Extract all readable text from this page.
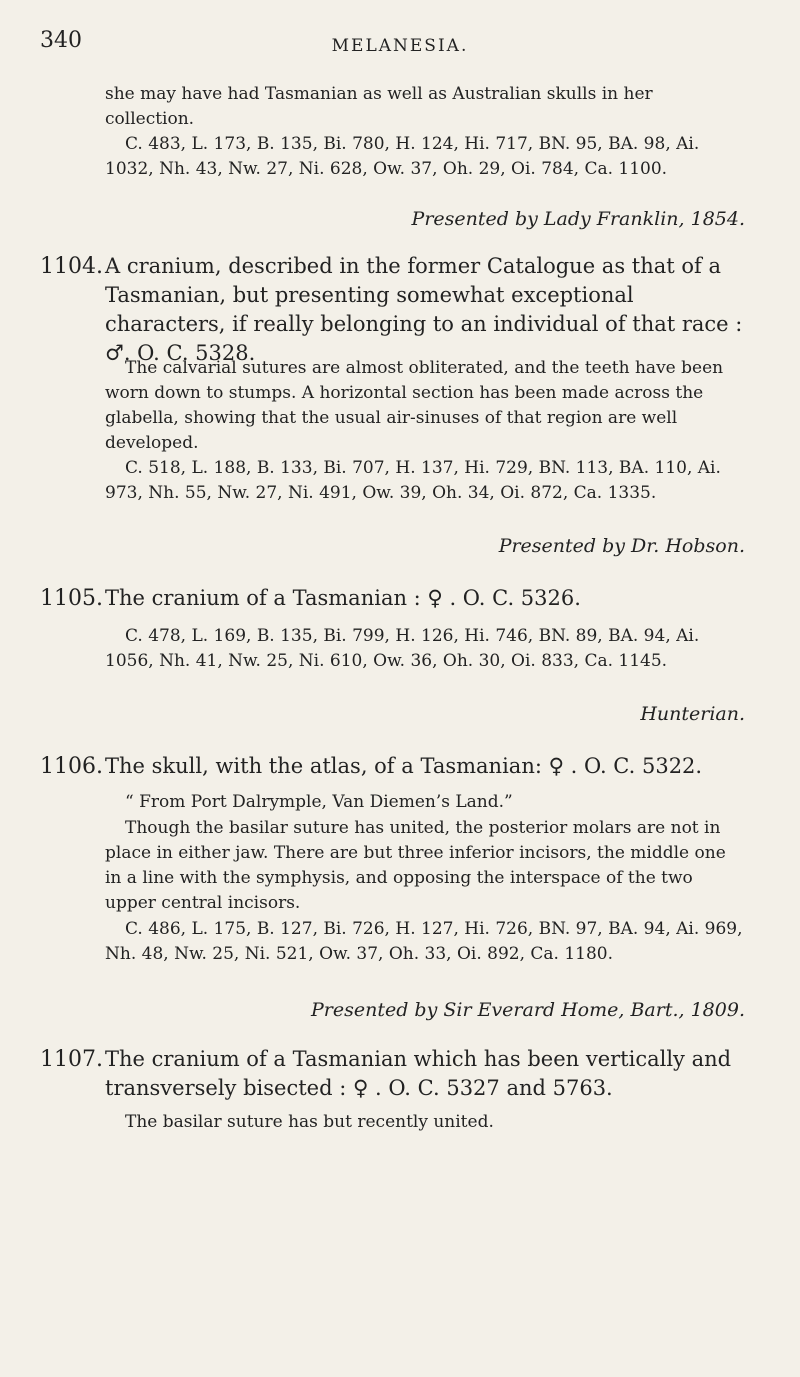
340	MELANESIA.
she may have had Tasmanian as well as Australian skulls in her collection.
C. 483, L. 173, B. 135, Bi. 780, H. 124, Hi. 717, BN. 95, BA. 98, Ai. 1032, Nh. 43, Nw. 27, Ni. 628, Ow. 37, Oh. 29, Oi. 784, Ca. 1100.
Presented by Lady Franklin, 1854.
1104. A cranium, described in the former Catalogue as that of a Tasmanian, but presenting somewhat exceptional characters, if really belonging to an individual of that race : ♂. O. C. 5328.
The calvarial sutures are almost obliterated, and the teeth have been worn down to stumps. A horizontal section has been made across the glabella, showing that the usual air-sinuses of that region are well developed.
C. 518, L. 188, B. 133, Bi. 707, H. 137, Hi. 729, BN. 113, BA. 110, Ai. 973, Nh. 55, Nw. 27, Ni. 491, Ow. 39, Oh. 34, Oi. 872, Ca. 1335.
Presented by Dr. Hobson.
1105. The cranium of a Tasmanian : ♀ . O. C. 5326.
C. 478, L. 169, B. 135, Bi. 799, H. 126, Hi. 746, BN. 89, BA. 94, Ai. 1056, Nh. 41, Nw. 25, Ni. 610, Ow. 36, Oh. 30, Oi. 833, Ca. 1145.
Hunterian.
1106. The skull, with the atlas, of a Tasmanian: ♀ . O. C. 5322.
“ From Port Dalrymple, Van Diemen’s Land.”
Though the basilar suture has united, the posterior molars are not in place in either jaw. There are but three inferior incisors, the middle one in a line with the symphysis, and opposing the interspace of the two upper central incisors.
C. 486, L. 175, B. 127, Bi. 726, H. 127, Hi. 726, BN. 97, BA. 94, Ai. 969, Nh. 48, Nw. 25, Ni. 521, Ow. 37, Oh. 33, Oi. 892, Ca. 1180.
Presented by Sir Everard Home, Bart., 1809.
1107. The cranium of a Tasmanian which has been vertically and transversely bisected : ♀ . O. C. 5327 and 5763.
The basilar suture has but recently united.
